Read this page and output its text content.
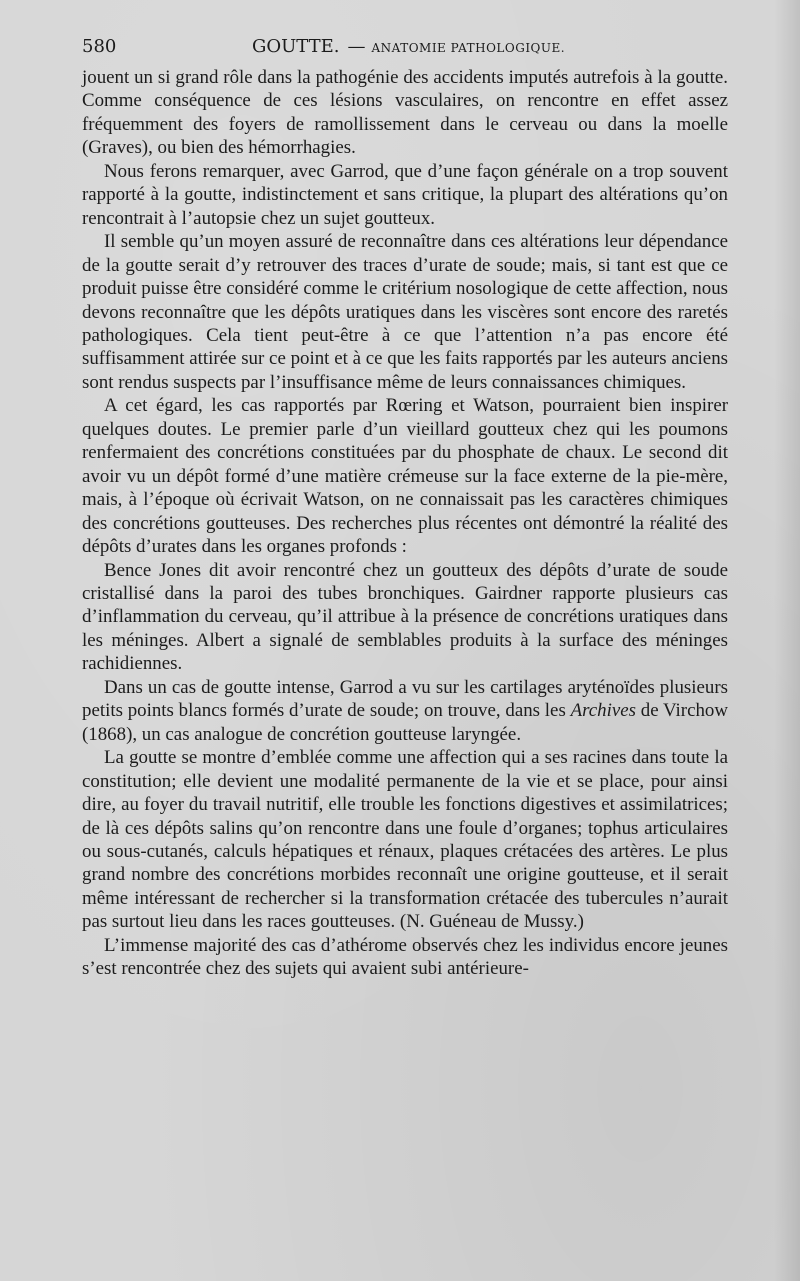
580	GOUTTE. — ANATOMIE PATHOLOGIQUE.

jouent un si grand rôle dans la pathogénie des accidents imputés autrefois à la goutte. Comme conséquence de ces lésions vasculaires, on rencontre en effet assez fréquemment des foyers de ramollissement dans le cerveau ou dans la moelle (Graves), ou bien des hémorrhagies.

Nous ferons remarquer, avec Garrod, que d’une façon générale on a trop souvent rapporté à la goutte, indistinctement et sans critique, la plupart des altérations qu’on rencontrait à l’autopsie chez un sujet goutteux.

Il semble qu’un moyen assuré de reconnaître dans ces altérations leur dépendance de la goutte serait d’y retrouver des traces d’urate de soude; mais, si tant est que ce produit puisse être considéré comme le critérium nosologique de cette affection, nous devons reconnaître que les dépôts uratiques dans les viscères sont encore des raretés pathologiques. Cela tient peut-être à ce que l’attention n’a pas encore été suffisamment attirée sur ce point et à ce que les faits rapportés par les auteurs anciens sont rendus suspects par l’insuffisance même de leurs connaissances chimiques.

A cet égard, les cas rapportés par Rœring et Watson, pourraient bien inspirer quelques doutes. Le premier parle d’un vieillard goutteux chez qui les poumons renfermaient des concrétions constituées par du phosphate de chaux. Le second dit avoir vu un dépôt formé d’une matière crémeuse sur la face externe de la pie-mère, mais, à l’époque où écrivait Watson, on ne connaissait pas les caractères chimiques des concrétions goutteuses. Des recherches plus récentes ont démontré la réalité des dépôts d’urates dans les organes profonds :

Bence Jones dit avoir rencontré chez un goutteux des dépôts d’urate de soude cristallisé dans la paroi des tubes bronchiques. Gairdner rapporte plusieurs cas d’inflammation du cerveau, qu’il attribue à la présence de concrétions uratiques dans les méninges. Albert a signalé de semblables produits à la surface des méninges rachidiennes.

Dans un cas de goutte intense, Garrod a vu sur les cartilages aryténoïdes plusieurs petits points blancs formés d’urate de soude; on trouve, dans les Archives de Virchow (1868), un cas analogue de concrétion goutteuse laryngée.

La goutte se montre d’emblée comme une affection qui a ses racines dans toute la constitution; elle devient une modalité permanente de la vie et se place, pour ainsi dire, au foyer du travail nutritif, elle trouble les fonctions digestives et assimilatrices; de là ces dépôts salins qu’on rencontre dans une foule d’organes; tophus articulaires ou sous-cutanés, calculs hépatiques et rénaux, plaques crétacées des artères. Le plus grand nombre des concrétions morbides reconnaît une origine goutteuse, et il serait même intéressant de rechercher si la transformation crétacée des tubercules n’aurait pas surtout lieu dans les races goutteuses. (N. Guéneau de Mussy.)

L’immense majorité des cas d’athérome observés chez les individus encore jeunes s’est rencontrée chez des sujets qui avaient subi antérieure-
